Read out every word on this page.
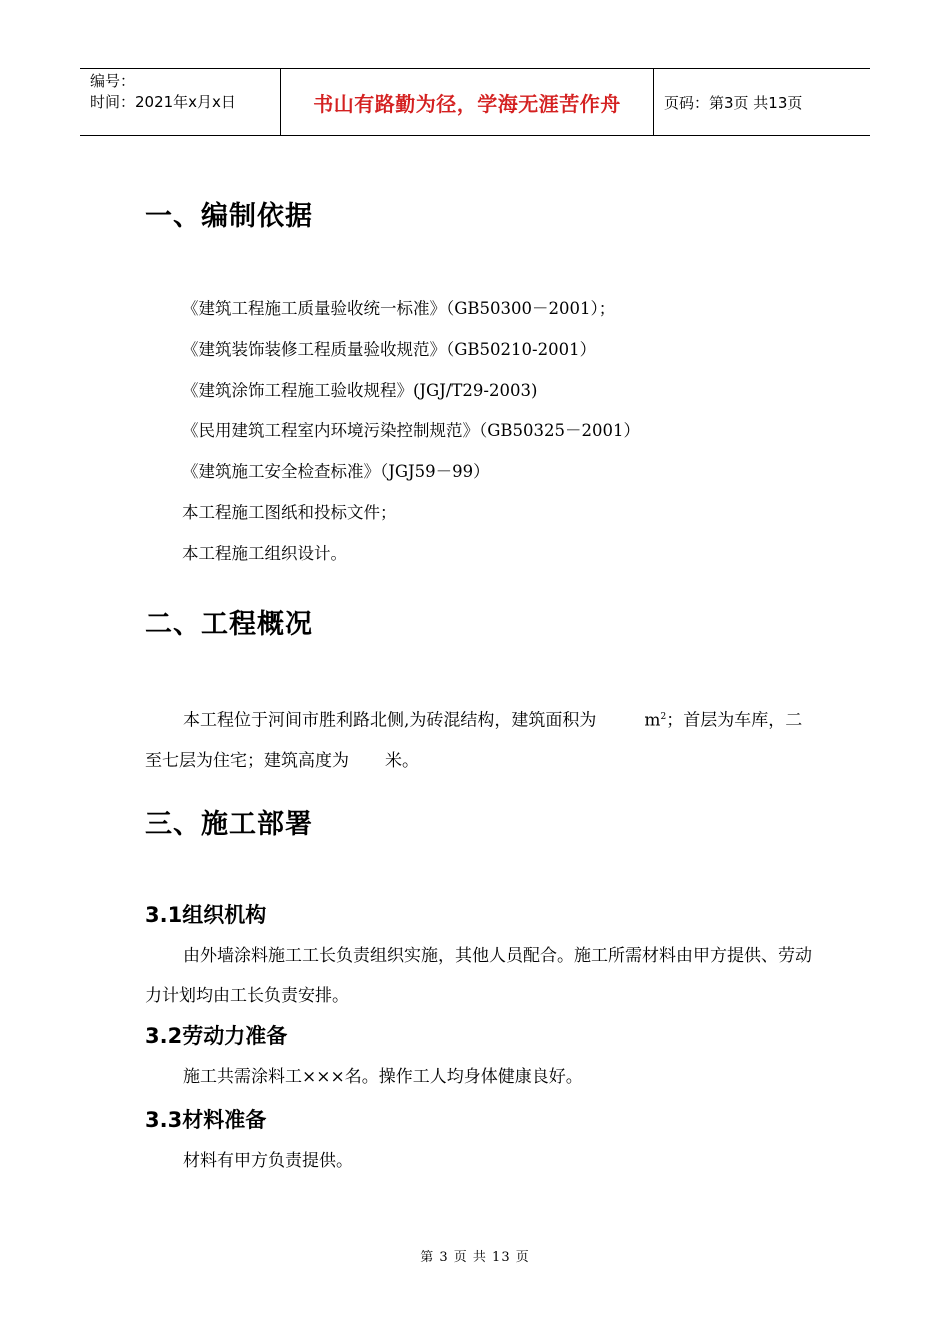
编号：
时间：2021年x月x日	书山有路勤为径，学海无涯苦作舟	页码：第3页 共13页
一、编制依据
《建筑工程施工质量验收统一标准》（GB50300－2001）；
《建筑装饰装修工程质量验收规范》（GB50210-2001）
《建筑涂饰工程施工验收规程》(JGJ/T29-2003)
《民用建筑工程室内环境污染控制规范》（GB50325－2001）
《建筑施工安全检查标准》（JGJ59－99）
本工程施工图纸和投标文件；
本工程施工组织设计。
二、工程概况

本工程位于河间市胜利路北侧,为砖混结构，建筑面积为	$m^2$；首层为车库，二至七层为住宅；建筑高度为 米。

三、施工部署
3.1组织机构

由外墙涂料施工工长负责组织实施，其他人员配合。施工所需材料由甲方提供、劳动力计划均由工长负责安排。

3.2劳动力准备

施工共需涂料工×××名。操作工人均身体健康良好。

3.3材料准备

材料有甲方负责提供。

第 3 页 共 13 页
